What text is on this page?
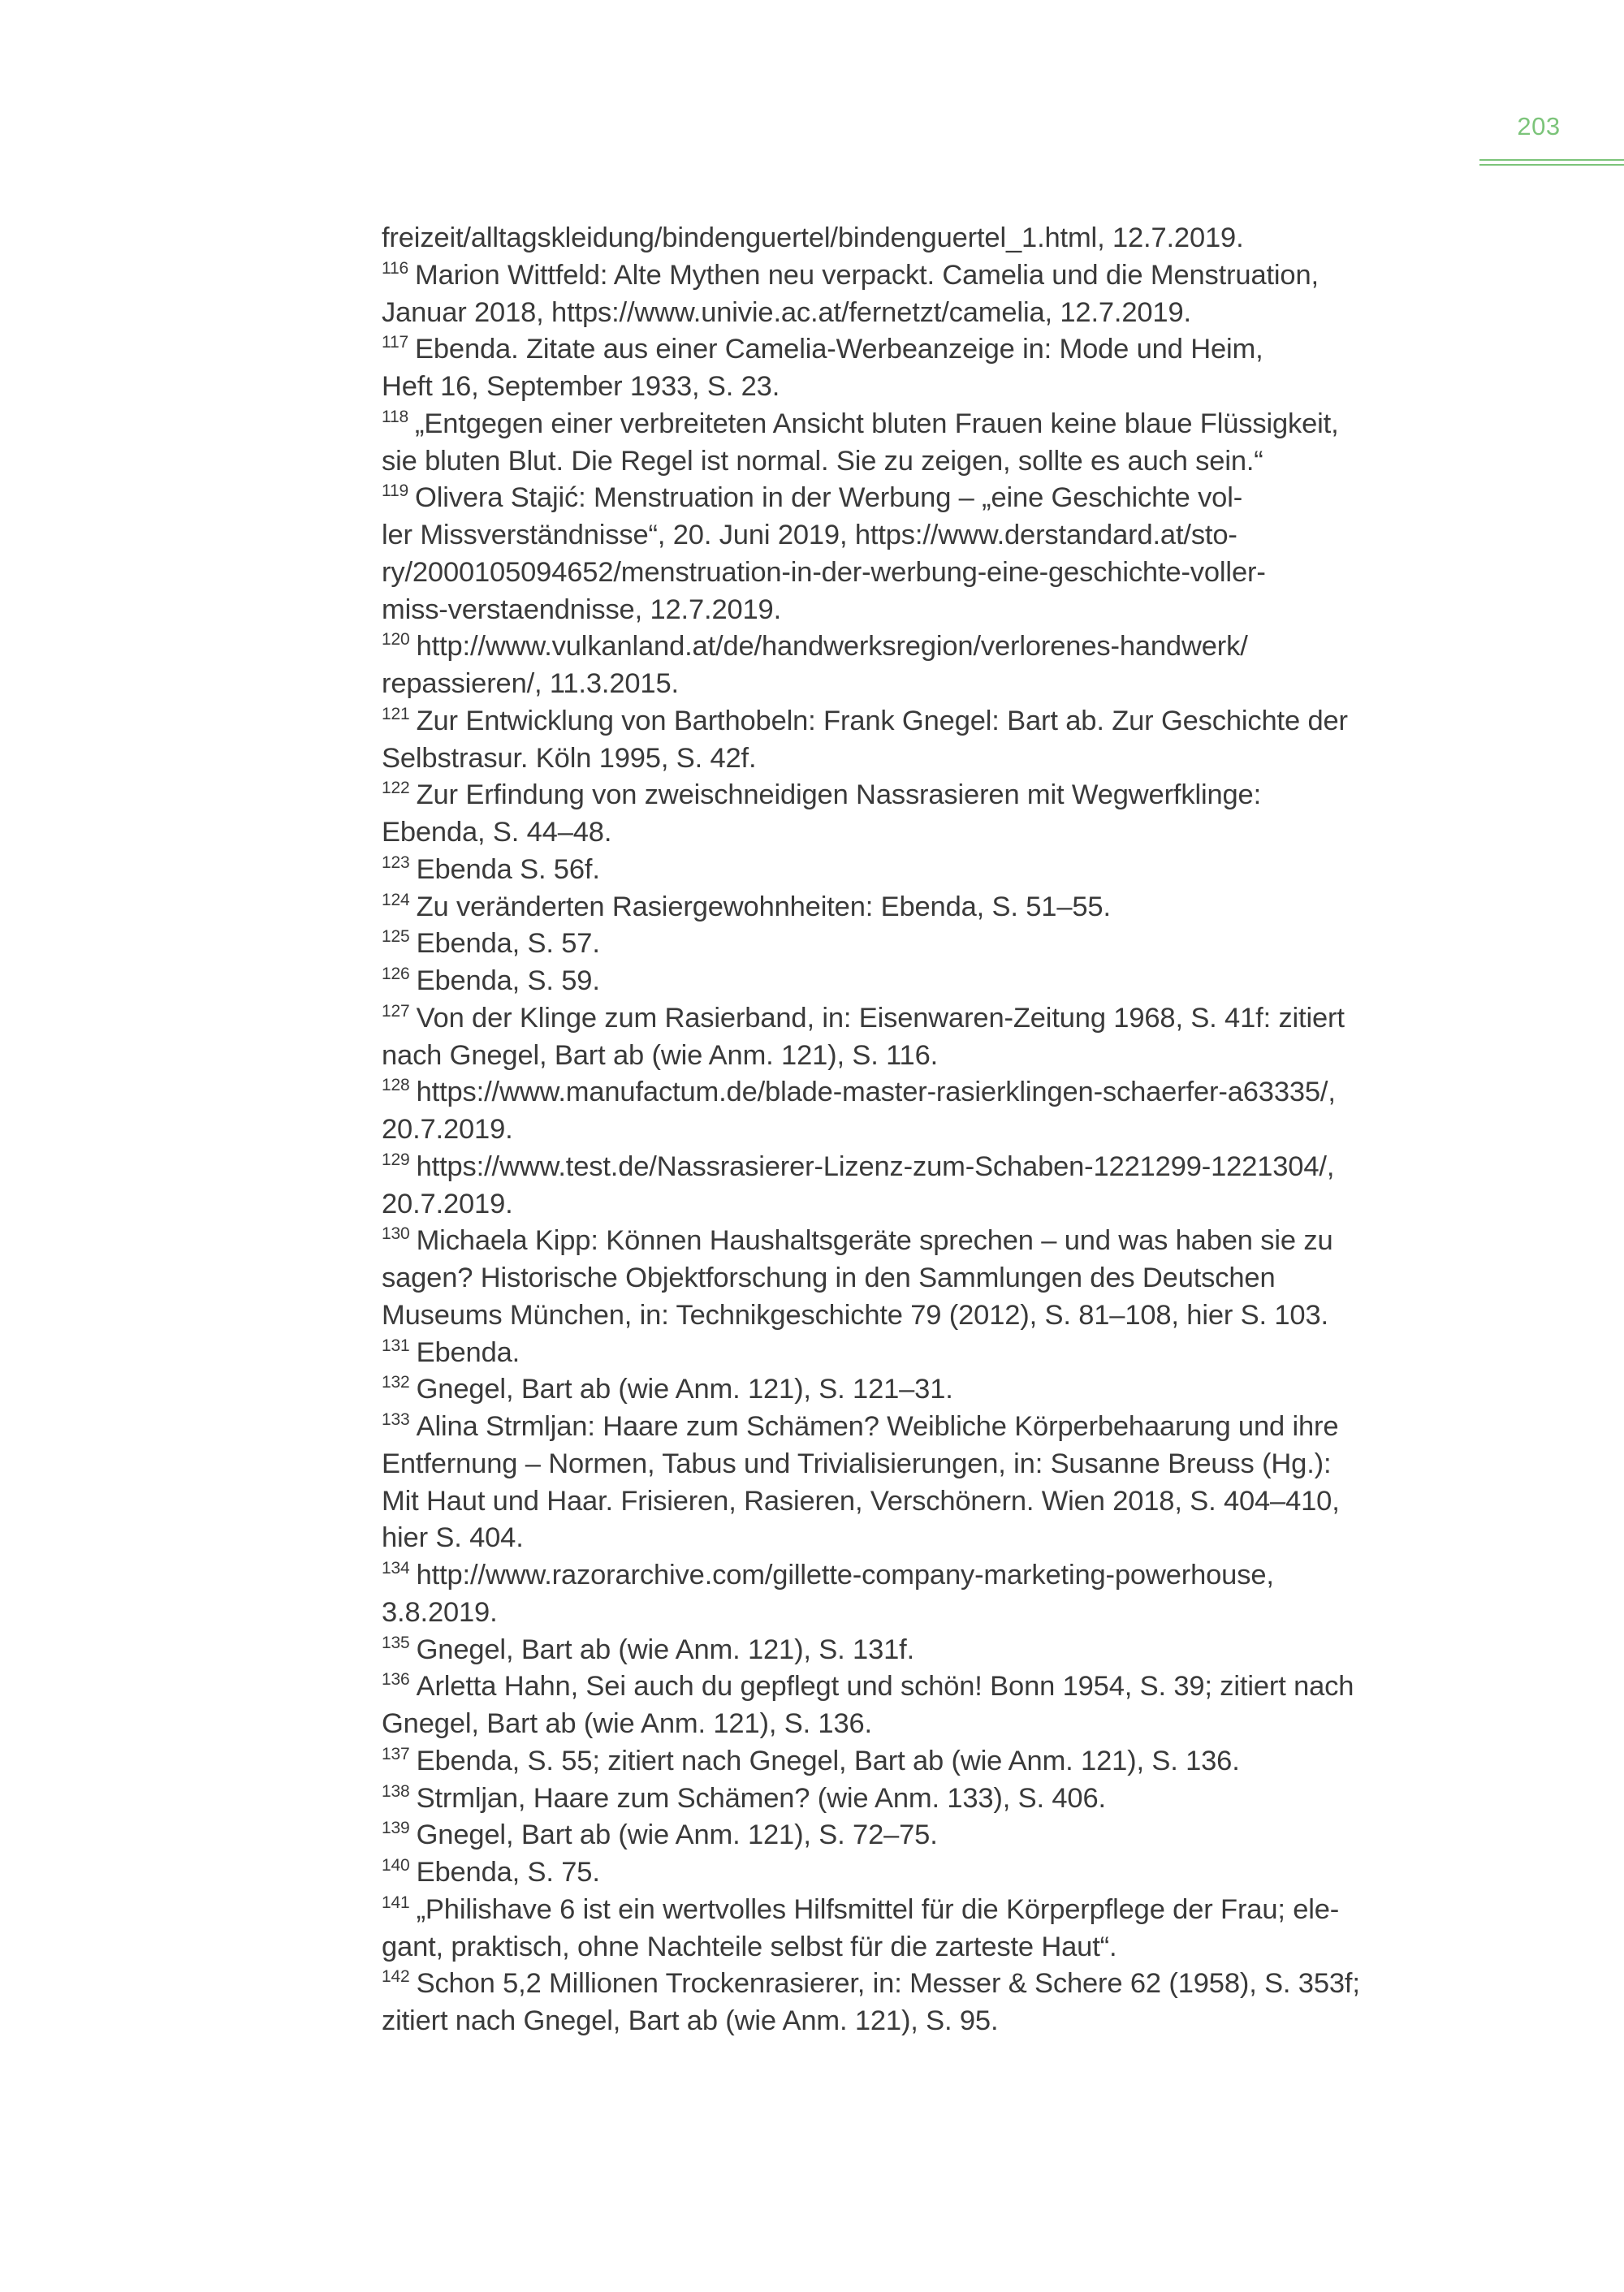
203
freizeit/alltagskleidung/bindenguertel/bindenguertel_1.html, 12.7.2019.
$^{116}$ Marion Wittfeld: Alte Mythen neu verpackt. Camelia und die Menstruation,
Januar 2018, https://www.univie.ac.at/fernetzt/camelia, 12.7.2019.
$^{117}$ Ebenda. Zitate aus einer Camelia-Werbeanzeige in: Mode und Heim,
Heft 16, September 1933, S. 23.
$^{118}$ „Entgegen einer verbreiteten Ansicht bluten Frauen keine blaue Flüssigkeit,
sie bluten Blut. Die Regel ist normal. Sie zu zeigen, sollte es auch sein.“
$^{119}$ Olivera Stajić: Menstruation in der Werbung – „eine Geschichte vol-
ler Missverständnisse“, 20. Juni 2019, https://www.derstandard.at/sto-
ry/2000105094652/menstruation-in-der-werbung-eine-geschichte-voller-
miss-verstaendnisse, 12.7.2019.
$^{120}$ http://www.vulkanland.at/de/handwerksregion/verlorenes-handwerk/
repassieren/, 11.3.2015.
$^{121}$ Zur Entwicklung von Barthobeln: Frank Gnegel: Bart ab. Zur Geschichte der
Selbstrasur. Köln 1995, S. 42f.
$^{122}$ Zur Erfindung von zweischneidigen Nassrasieren mit Wegwerfklinge:
Ebenda, S. 44–48.
$^{123}$ Ebenda S. 56f.
$^{124}$ Zu veränderten Rasiergewohnheiten: Ebenda, S. 51–55.
$^{125}$ Ebenda, S. 57.
$^{126}$ Ebenda, S. 59.
$^{127}$ Von der Klinge zum Rasierband, in: Eisenwaren-Zeitung 1968, S. 41f: zitiert
nach Gnegel, Bart ab (wie Anm. 121), S. 116.
$^{128}$ https://www.manufactum.de/blade-master-rasierklingen-schaerfer-a63335/,
20.7.2019.
$^{129}$ https://www.test.de/Nassrasierer-Lizenz-zum-Schaben-1221299-1221304/,
20.7.2019.
$^{130}$ Michaela Kipp: Können Haushaltsgeräte sprechen – und was haben sie zu
sagen? Historische Objektforschung in den Sammlungen des Deutschen
Museums München, in: Technikgeschichte 79 (2012), S. 81–108, hier S. 103.
$^{131}$ Ebenda.
$^{132}$ Gnegel, Bart ab (wie Anm. 121), S. 121–31.
$^{133}$ Alina Strmljan: Haare zum Schämen? Weibliche Körperbehaarung und ihre
Entfernung – Normen, Tabus und Trivialisierungen, in: Susanne Breuss (Hg.):
Mit Haut und Haar. Frisieren, Rasieren, Verschönern. Wien 2018, S. 404–410,
hier S. 404.
$^{134}$ http://www.razorarchive.com/gillette-company-marketing-powerhouse,
3.8.2019.
$^{135}$ Gnegel, Bart ab (wie Anm. 121), S. 131f.
$^{136}$ Arletta Hahn, Sei auch du gepflegt und schön! Bonn 1954, S. 39; zitiert nach
Gnegel, Bart ab (wie Anm. 121), S. 136.
$^{137}$ Ebenda, S. 55; zitiert nach Gnegel, Bart ab (wie Anm. 121), S. 136.
$^{138}$ Strmljan, Haare zum Schämen? (wie Anm. 133), S. 406.
$^{139}$ Gnegel, Bart ab (wie Anm. 121), S. 72–75.
$^{140}$ Ebenda, S. 75.
$^{141}$ „Philishave 6 ist ein wertvolles Hilfsmittel für die Körperpflege der Frau; ele-
gant, praktisch, ohne Nachteile selbst für die zarteste Haut“.
$^{142}$ Schon 5,2 Millionen Trockenrasierer, in: Messer & Schere 62 (1958), S. 353f;
zitiert nach Gnegel, Bart ab (wie Anm. 121), S. 95.
